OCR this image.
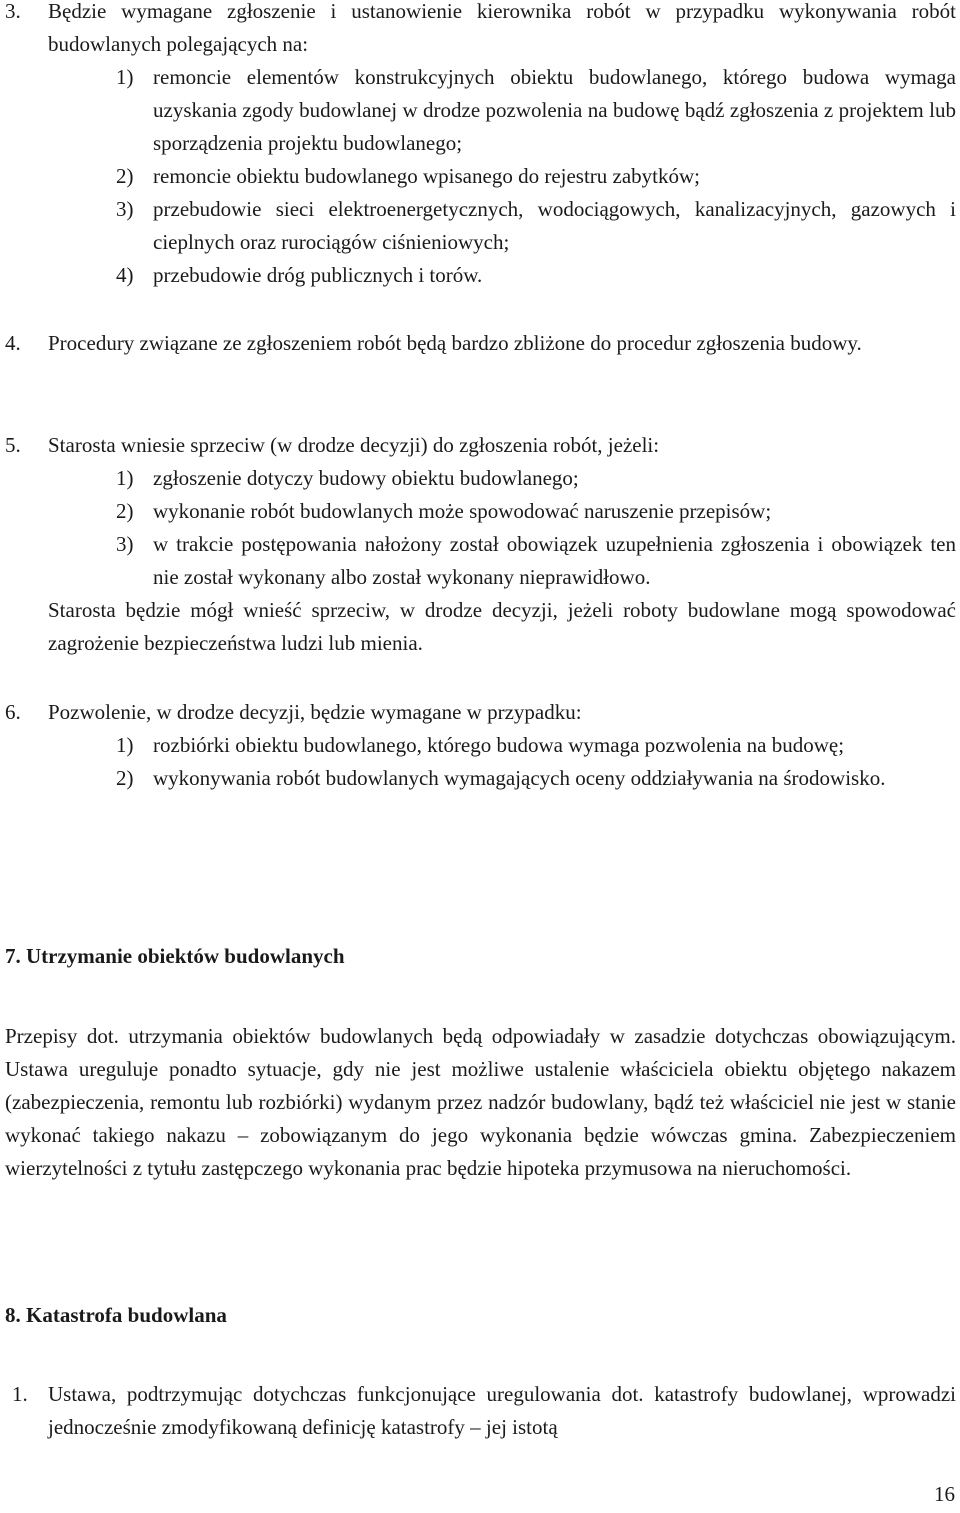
3. Będzie wymagane zgłoszenie i ustanowienie kierownika robót w przypadku wykonywania robót budowlanych polegających na:
1) remoncie elementów konstrukcyjnych obiektu budowlanego, którego budowa wymaga uzyskania zgody budowlanej w drodze pozwolenia na budowę bądź zgłoszenia z projektem lub sporządzenia projektu budowlanego;
2) remoncie obiektu budowlanego wpisanego do rejestru zabytków;
3) przebudowie sieci elektroenergetycznych, wodociągowych, kanalizacyjnych, gazowych i cieplnych oraz rurociągów ciśnieniowych;
4) przebudowie dróg publicznych i torów.
4. Procedury związane ze zgłoszeniem robót będą bardzo zbliżone do procedur zgłoszenia budowy.
5. Starosta wniesie sprzeciw (w drodze decyzji) do zgłoszenia robót, jeżeli:
1) zgłoszenie dotyczy budowy obiektu budowlanego;
2) wykonanie robót budowlanych może spowodować naruszenie przepisów;
3) w trakcie postępowania nałożony został obowiązek uzupełnienia zgłoszenia i obowiązek ten nie został wykonany albo został wykonany nieprawidłowo.
Starosta będzie mógł wnieść sprzeciw, w drodze decyzji, jeżeli roboty budowlane mogą spowodować zagrożenie bezpieczeństwa ludzi lub mienia.
6. Pozwolenie, w drodze decyzji, będzie wymagane w przypadku:
1) rozbiórki obiektu budowlanego, którego budowa wymaga pozwolenia na budowę;
2) wykonywania robót budowlanych wymagających oceny oddziaływania na środowisko.
7. Utrzymanie obiektów budowlanych
Przepisy dot. utrzymania obiektów budowlanych będą odpowiadały w zasadzie dotychczas obowiązującym. Ustawa ureguluje ponadto sytuacje, gdy nie jest możliwe ustalenie właściciela obiektu objętego nakazem (zabezpieczenia, remontu lub rozbiórki) wydanym przez nadzór budowlany, bądź też właściciel nie jest w stanie wykonać takiego nakazu – zobowiązanym do jego wykonania będzie wówczas gmina. Zabezpieczeniem wierzytelności z tytułu zastępczego wykonania prac będzie hipoteka przymusowa na nieruchomości.
8. Katastrofa budowlana
1. Ustawa, podtrzymując dotychczas funkcjonujące uregulowania dot. katastrofy budowlanej, wprowadzi jednocześnie zmodyfikowaną definicję katastrofy – jej istotą
16
